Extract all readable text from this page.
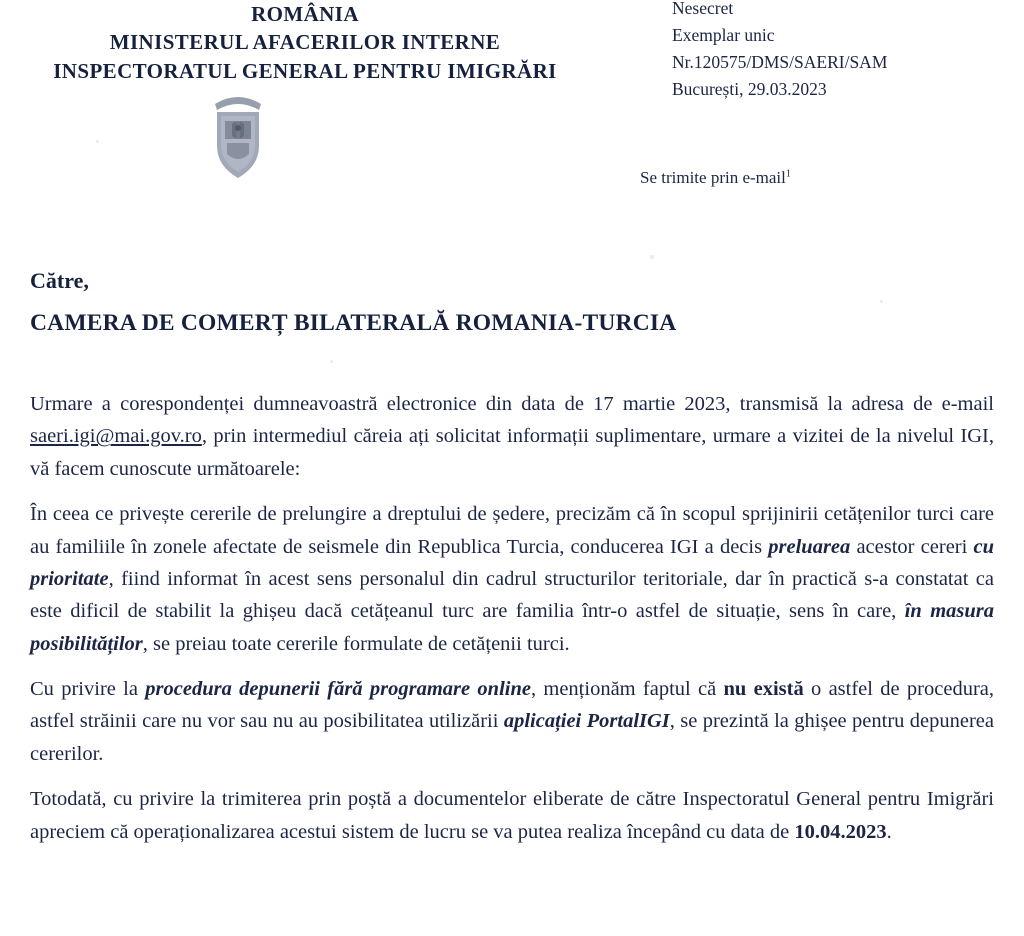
ROMÂNIA
MINISTERUL AFACERILOR INTERNE
INSPECTORATUL GENERAL PENTRU IMIGRĂRI
Nesecret
Exemplar unic
Nr.120575/DMS/SAERI/SAM
București, 29.03.2023
Se trimite prin e-mail$^1$
Către,
CAMERA DE COMERȚ BILATERALĂ ROMANIA-TURCIA

Urmare a corespondenței dumneavoastră electronice din data de 17 martie 2023, transmisă la adresa de e-mail saeri.igi@mai.gov.ro, prin intermediul căreia ați solicitat informații suplimentare, urmare a vizitei de la nivelul IGI, vă facem cunoscute următoarele:

În ceea ce privește cererile de prelungire a dreptului de ședere, precizăm că în scopul sprijinirii cetățenilor turci care au familiile în zonele afectate de seismele din Republica Turcia, conducerea IGI a decis preluarea acestor cereri cu prioritate, fiind informat în acest sens personalul din cadrul structurilor teritoriale, dar în practică s-a constatat ca este dificil de stabilit la ghișeu dacă cetățeanul turc are familia într-o astfel de situație, sens în care, în masura posibilităților, se preiau toate cererile formulate de cetățenii turci.

Cu privire la procedura depunerii fără programare online, menționăm faptul că nu există o astfel de procedura, astfel străinii care nu vor sau nu au posibilitatea utilizării aplicației PortalIGI, se prezintă la ghișee pentru depunerea cererilor.

Totodată, cu privire la trimiterea prin poștă a documentelor eliberate de către Inspectoratul General pentru Imigrări apreciem că operaționalizarea acestui sistem de lucru se va putea realiza începând cu data de 10.04.2023.
